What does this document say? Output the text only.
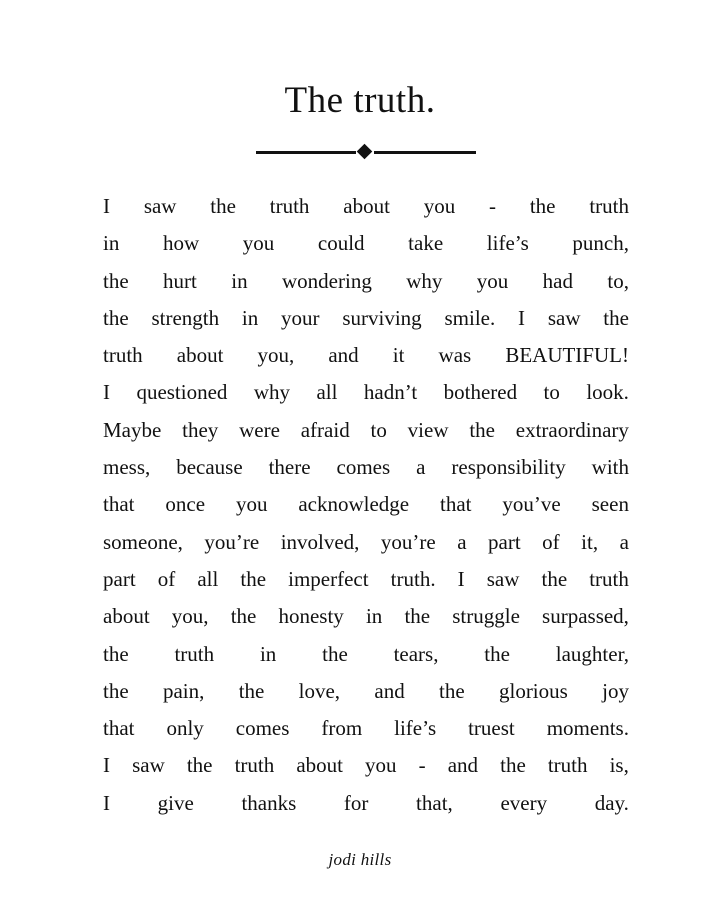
The truth.
I saw the truth about you - the truth
in how you could take life’s punch,
the hurt in wondering why you had to,
the strength in your surviving smile. I saw the
truth about you, and it was BEAUTIFUL!
I questioned why all hadn’t bothered to look.
Maybe they were afraid to view the extraordinary
mess, because there comes a responsibility with
that once you acknowledge that you’ve seen
someone, you’re involved, you’re a part of it, a
part of all the imperfect truth. I saw the truth
about you, the honesty in the struggle surpassed,
the truth in the tears, the laughter,
the pain, the love, and the glorious joy
that only comes from life’s truest moments.
I saw the truth about you - and the truth is,
I give thanks for that, every day.
jodi hills
